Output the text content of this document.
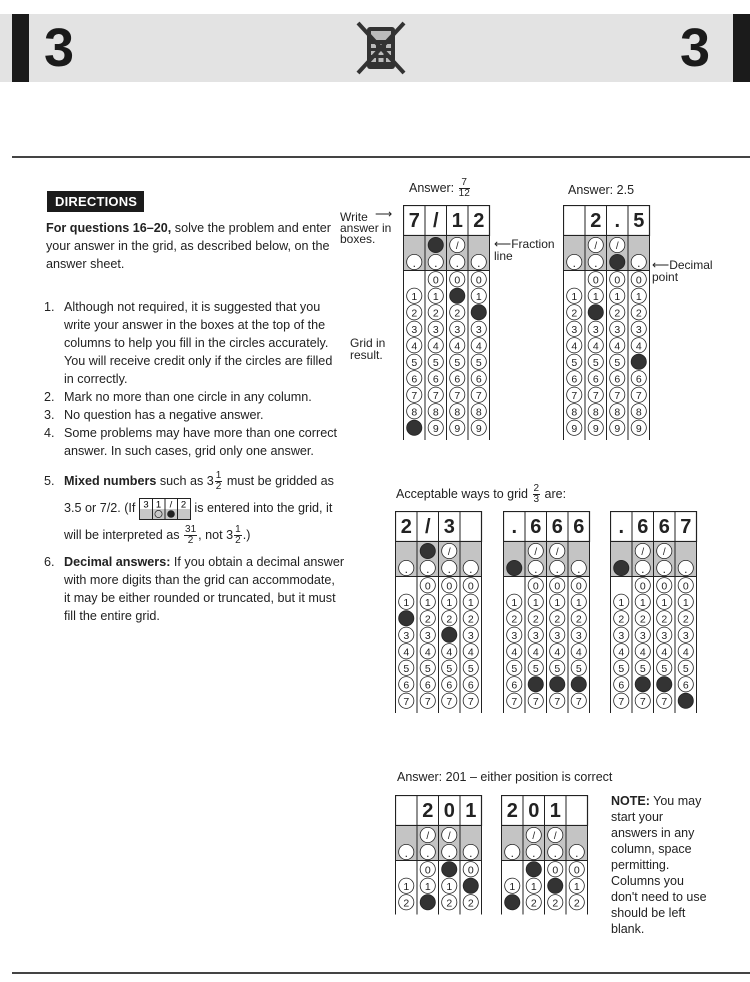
3	3
DIRECTIONS
For questions 16–20, solve the problem and enter your answer in the grid, as described below, on the answer sheet.
1. Although not required, it is suggested that you write your answer in the boxes at the top of the columns to help you fill in the circles accurately. You will receive credit only if the circles are filled in correctly.
2. Mark no more than one circle in any column.
3. No question has a negative answer.
4. Some problems may have more than one correct answer. In such cases, grid only one answer.
5. Mixed numbers such as $3 \frac{1}{2}$ must be gridded as 3.5 or 7/2. (If 3 1 / 2 is entered into the grid, it will be interpreted as $\frac{31}{2}$ , not $3 \frac{1}{2}$ .)
6. Decimal answers: If you obtain a decimal answer with more digits than the grid can accommodate, it may be either rounded or truncated, but it must fill the entire grid.
Answer: $\frac{7}{12}$	Answer: 2.5
Write answer in boxes.
⟶
⟵Fraction line
Grid in result.
⟵Decimal point
Acceptable ways to grid $\frac{2}{3}$ are:
Answer: 201 – either position is correct
NOTE: You may start your answers in any column, space permitting. Columns you don't need to use should be left blank.
7
.
1
2
3
4
5
6
7
8
/
.
0
1
2
3
4
5
6
7
8
9
1
/
.
0
2
3
4
5
6
7
8
9
2
.
0
1
3
4
5
6
7
8
9
.
1
2
3
4
5
6
7
8
9
2
/
.
0
1
3
4
5
6
7
8
9
.
/
0
1
2
3
4
5
6
7
8
9
5
.
0
1
2
3
4
6
7
8
9
2
.
1
3
4
5
6
7
/
.
0
1
2
3
4
5
6
7
3
/
.
0
1
2
4
5
6
7
.
0
1
2
3
4
5
6
7
.
1
2
3
4
5
6
7
6
/
.
0
1
2
3
4
5
7
6
/
.
0
1
2
3
4
5
7
6
.
0
1
2
3
4
5
7
.
1
2
3
4
5
6
7
6
/
.
0
1
2
3
4
5
7
6
/
.
0
1
2
3
4
5
7
7
.
0
1
2
3
4
5
6
.
1
2
2
/
.
0
1
0
/
.
1
2
1
.
0
2
2
.
1
0
/
.
1
2
1
/
.
0
2
.
0
1
2
